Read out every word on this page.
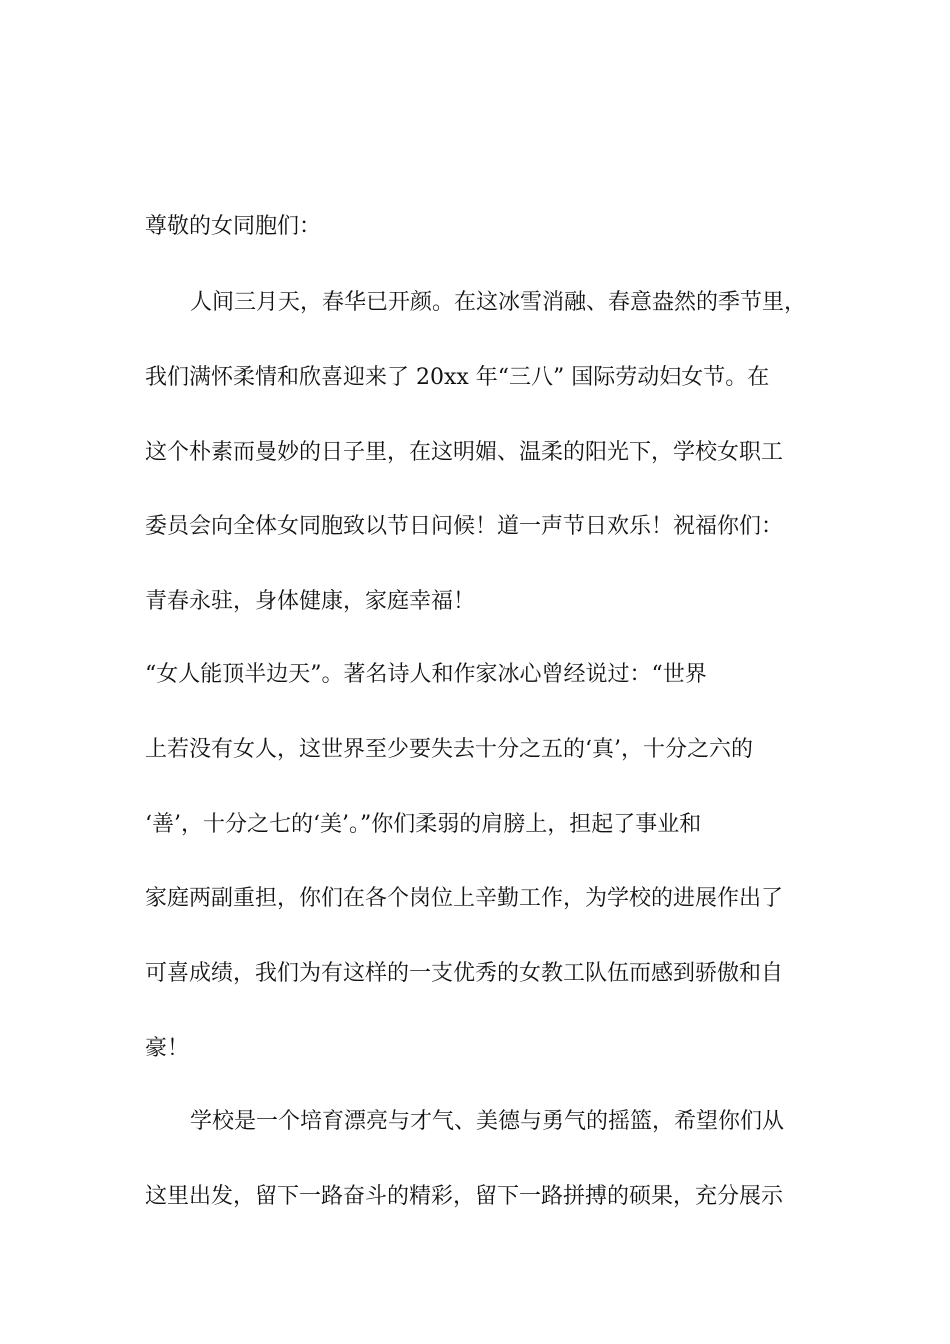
尊敬的女同胞们：
人间三月天，春华已开颜。在这冰雪消融、春意盎然的季节里，
我们满怀柔情和欣喜迎来了 20xx 年“三八” 国际劳动妇女节。在
这个朴素而曼妙的日子里，在这明媚、温柔的阳光下，学校女职工
委员会向全体女同胞致以节日问候！道一声节日欢乐！祝福你们：
青春永驻，身体健康，家庭幸福！
“女人能顶半边天”。著名诗人和作家冰心曾经说过：“世界
上若没有女人，这世界至少要失去十分之五的‘真’，十分之六的
‘善’，十分之七的‘美’。”你们柔弱的肩膀上，担起了事业和
家庭两副重担，你们在各个岗位上辛勤工作，为学校的进展作出了
可喜成绩，我们为有这样的一支优秀的女教工队伍而感到骄傲和自
豪！
学校是一个培育漂亮与才气、美德与勇气的摇篮，希望你们从
这里出发，留下一路奋斗的精彩，留下一路拼搏的硕果，充分展示
